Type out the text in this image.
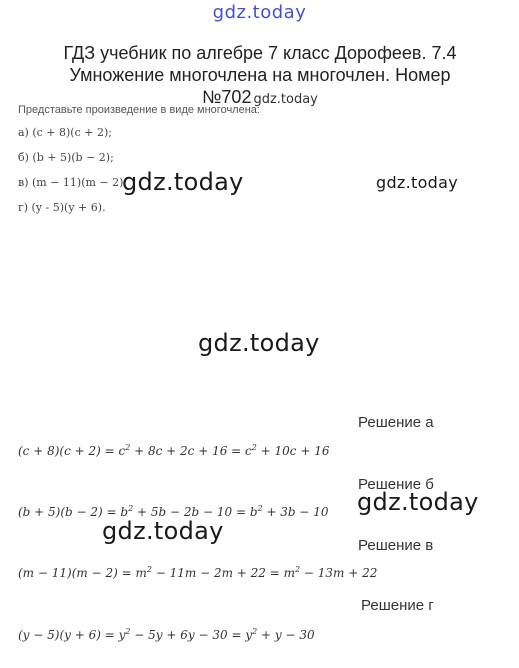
gdz.today
ГДЗ учебник по алгебре 7 класс Дорофеев. 7.4 Умножение многочлена на многочлен. Номер №702 gdz.today
Представьте произведение в виде многочлена:
а) (c + 8)(c + 2);
б) (b + 5)(b − 2);
в) (m − 11)(m − 2);
г) (y - 5)(y + 6).
gdz.today	gdz.today
gdz.today
gdz.today
gdz.today
Решение а
$(c + 8)(c + 2) = c^2 + 8c + 2c + 16 = c^2 + 10c + 16$
Решение б
$(b + 5)(b - 2) = b^2 + 5b - 2b - 10 = b^2 + 3b - 10$
Решение в
$(m - 11)(m - 2) = m^2 - 11m - 2m + 22 = m^2 - 13m + 22$
Решение г
$(y - 5)(y + 6) = y^2 - 5y + 6y - 30 = y^2 + y - 30$
